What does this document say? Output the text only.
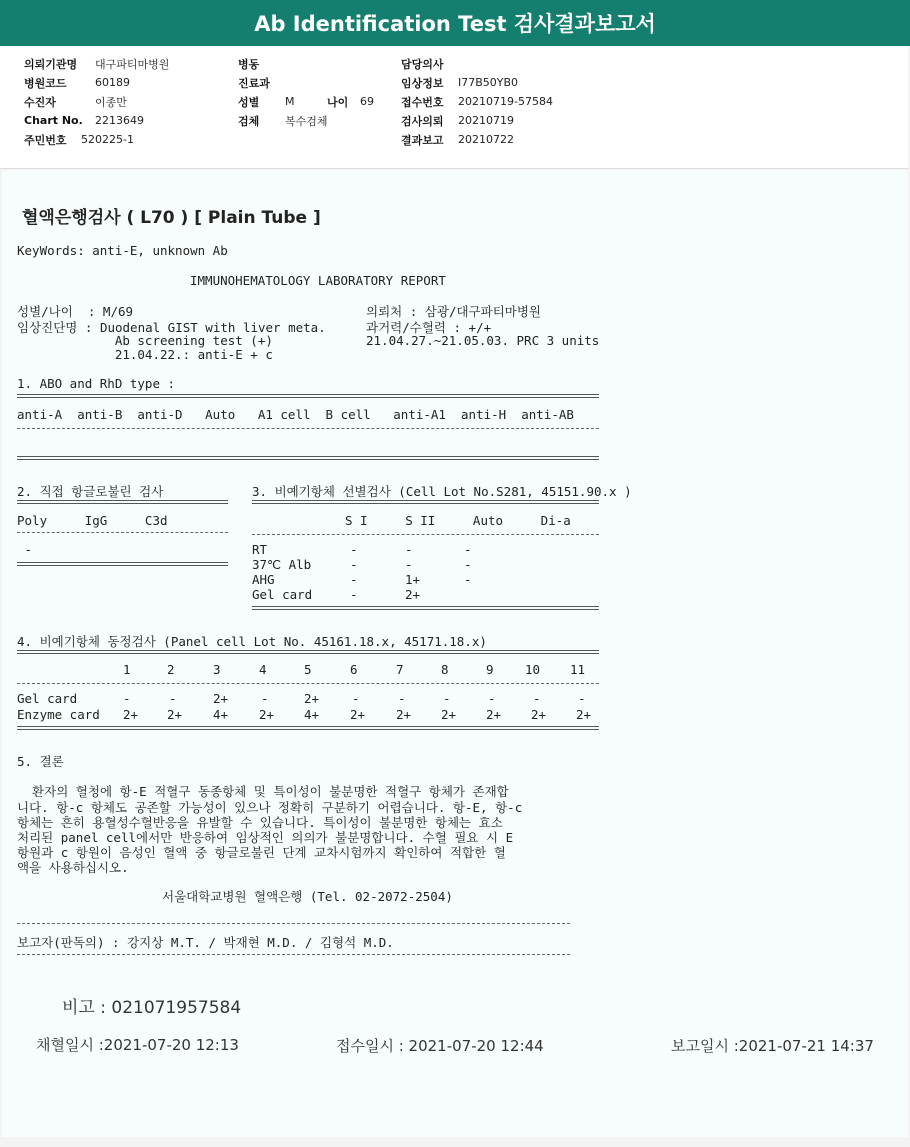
Ab Identification Test 검사결과보고서
의뢰기관명	대구파티마병원
병원코드	60189
수진자	이종만
Chart No.	2213649
주민번호	520225-1
병동
진료과
성별	M	나이	69
검체	복수검체
담당의사
임상정보	I77B50YB0
접수번호	20210719-57584
검사의뢰	20210719
결과보고	20210722
혈액은행검사 ( L70 ) [ Plain Tube ]
KeyWords: anti-E, unknown Ab
IMMUNOHEMATOLOGY LABORATORY REPORT
성별/나이  : M/69
임상진단명 : Duodenal GIST with liver meta.
Ab screening test (+)
21.04.22.: anti-E + c
의뢰처 : 삼광/대구파티마병원
과거력/수혈력 : +/+
21.04.27.~21.05.03. PRC 3 units
1. ABO and RhD type :
anti-A  anti-B  anti-D   Auto   A1 cell  B cell   anti-A1  anti-H  anti-AB
2. 직접 항글로불린 검사
Poly     IgG     C3d
-
3. 비예기항체 선별검사 (Cell Lot No.S281, 45151.90.x )
S I     S II     Auto     Di-a
RT	-	-	-
37℃ Alb	-	-	-
AHG	-	1+	-
Gel card	-	2+
4. 비예기항체 동정검사 (Panel cell Lot No. 45161.18.x, 45171.18.x)
1	2	3	4	5	6	7	8	9	10 11
Gel card	-	-	2+	-	2+	-	-	-	-	-	-
Enzyme card 2+ 2+ 4+ 2+ 4+ 2+ 2+ 2+ 2+ 2+ 2+
5. 결론
환자의 혈청에 항-E 적혈구 동종항체 및 특이성이 불분명한 적혈구 항체가 존재합
니다. 항-c 항체도 공존할 가능성이 있으나 정확히 구분하기 어렵습니다. 항-E, 항-c
항체는 흔히 용혈성수혈반응을 유발할 수 있습니다. 특이성이 불분명한 항체는 효소
처리된 panel cell에서만 반응하여 임상적인 의의가 불분명합니다. 수혈 필요 시 E
항원과 c 항원이 음성인 혈액 중 항글로불린 단계 교차시험까지 확인하여 적합한 혈
액을 사용하십시오.
서울대학교병원 혈액은행 (Tel. 02-2072-2504)
보고자(판독의) : 강지상 M.T. / 박재현 M.D. / 김형석 M.D.
비고 : 021071957584
채혈일시 :2021-07-20 12:13	접수일시 : 2021-07-20 12:44	보고일시 :2021-07-21 14:37
